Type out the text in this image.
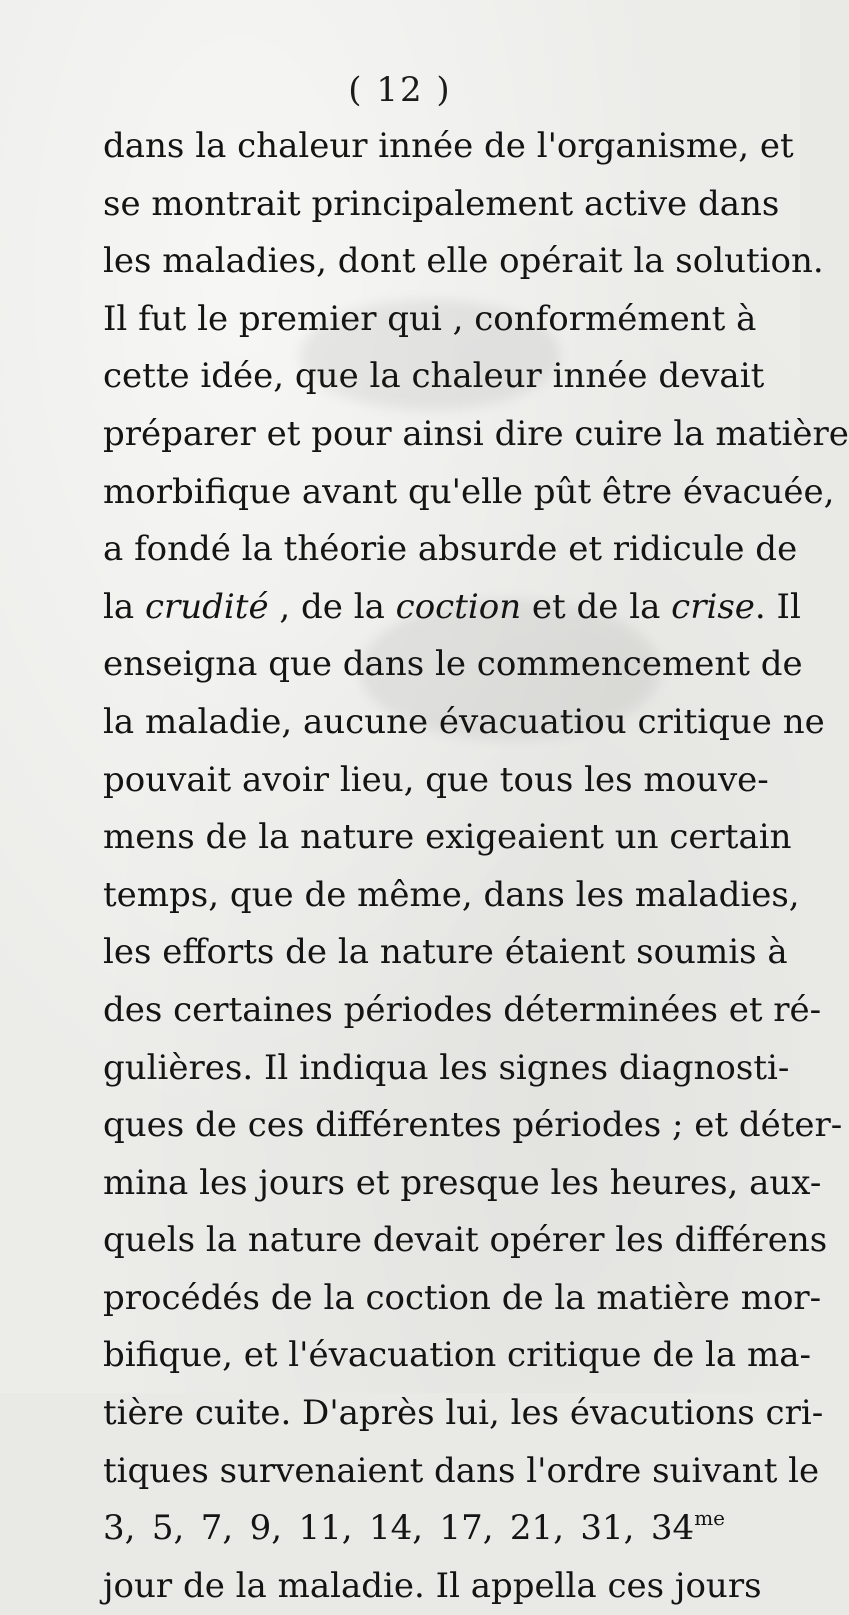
( 12 )
dans la chaleur innée de l'organisme, et
se montrait principalement active dans
les maladies, dont elle opérait la solution.
Il fut le premier qui , conformément à
cette idée, que la chaleur innée devait
préparer et pour ainsi dire cuire la matière
morbifique avant qu'elle pût être évacuée,
a fondé la théorie absurde et ridicule de
la crudité , de la coction et de la crise. Il
enseigna que dans le commencement de
la maladie, aucune évacuatiou critique ne
pouvait avoir lieu, que tous les mouve-
mens de la nature exigeaient un certain
temps, que de même, dans les maladies,
les efforts de la nature étaient soumis à
des certaines périodes déterminées et ré-
gulières. Il indiqua les signes diagnosti-
ques de ces différentes périodes ; et déter-
mina les jours et presque les heures, aux-
quels la nature devait opérer les différens
procédés de la coction de la matière mor-
bifique, et l'évacuation critique de la ma-
tière cuite. D'après lui, les évacutions cri-
tiques survenaient dans l'ordre suivant le
3, 5, 7, 9, 11, 14, 17, 21, 31, $34^{me}$
jour de la maladie. Il appella ces jours
